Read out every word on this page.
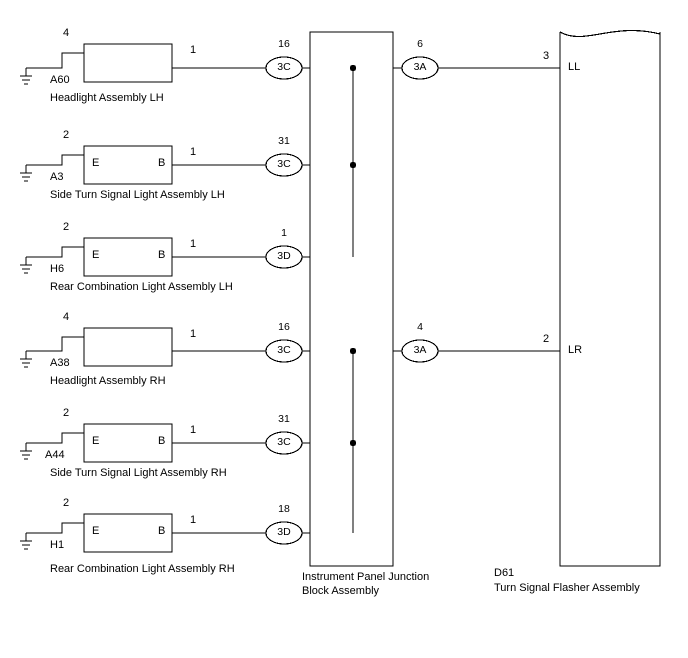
4
1
A60
Headlight Assembly LH
16
3C
6
3A
3
LL
2
E	B
1
A3
Side Turn Signal Light Assembly LH
31
3C
2
E	B
1
H6
Rear Combination Light Assembly LH
1
3D
4
1
A38
Headlight Assembly RH
16
3C
4
3A
2
LR
2
E	B
1
A44
Side Turn Signal Light Assembly RH
31
3C
2
E	B
1
H1
Rear Combination Light Assembly RH
18
3D
Instrument Panel Junction
Block Assembly
D61
Turn Signal Flasher Assembly
